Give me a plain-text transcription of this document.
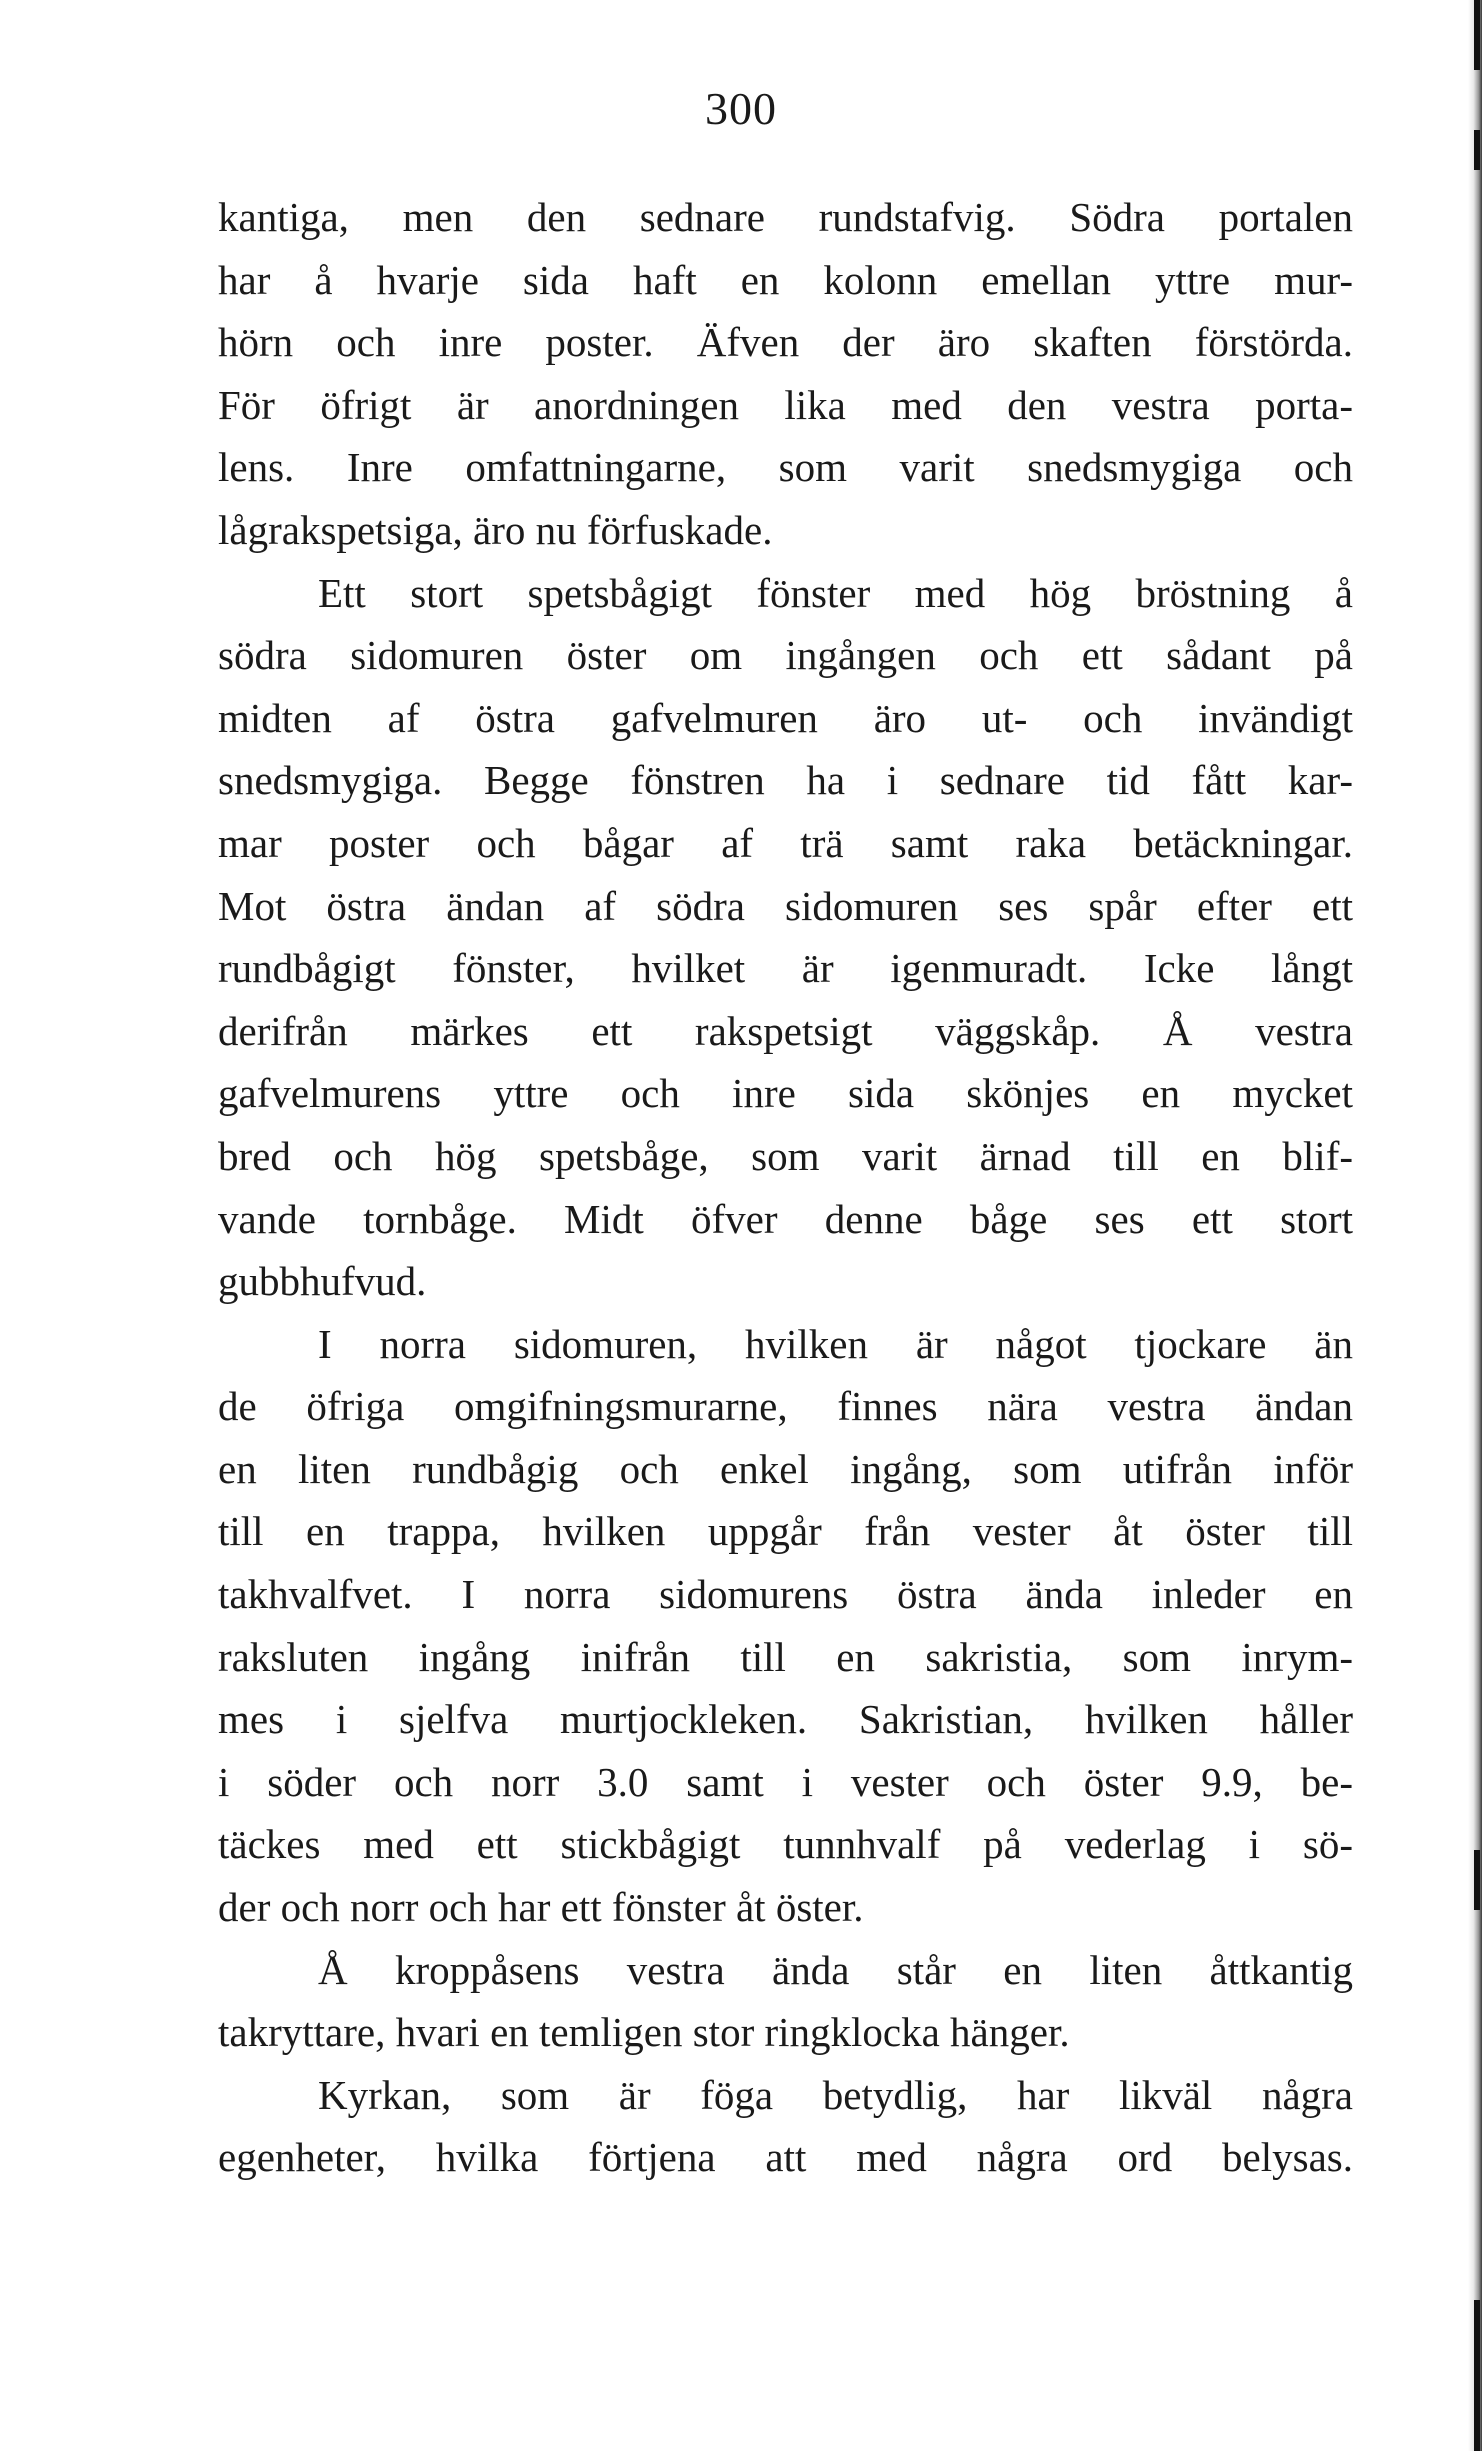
300
kantiga, men den sednare rundstafvig. Södra portalen
har å hvarje sida haft en kolonn emellan yttre mur-
hörn och inre poster. Äfven der äro skaften förstörda.
För öfrigt är anordningen lika med den vestra porta-
lens. Inre omfattningarne, som varit snedsmygiga och
lågrakspetsiga, äro nu förfuskade.
Ett stort spetsbågigt fönster med hög bröstning å
södra sidomuren öster om ingången och ett sådant på
midten af östra gafvelmuren äro ut- och invändigt
snedsmygiga. Begge fönstren ha i sednare tid fått kar-
mar poster och bågar af trä samt raka betäckningar.
Mot östra ändan af södra sidomuren ses spår efter ett
rundbågigt fönster, hvilket är igenmuradt. Icke långt
derifrån märkes ett rakspetsigt väggskåp. Å vestra
gafvelmurens yttre och inre sida skönjes en mycket
bred och hög spetsbåge, som varit ärnad till en blif-
vande tornbåge. Midt öfver denne båge ses ett stort
gubbhufvud.
I norra sidomuren, hvilken är något tjockare än
de öfriga omgifningsmurarne, finnes nära vestra ändan
en liten rundbågig och enkel ingång, som utifrån inför
till en trappa, hvilken uppgår från vester åt öster till
takhvalfvet. I norra sidomurens östra ända inleder en
raksluten ingång inifrån till en sakristia, som inrym-
mes i sjelfva murtjockleken. Sakristian, hvilken håller
i söder och norr 3.0 samt i vester och öster 9.9, be-
täckes med ett stickbågigt tunnhvalf på vederlag i sö-
der och norr och har ett fönster åt öster.
Å kroppåsens vestra ända står en liten åttkantig
takryttare, hvari en temligen stor ringklocka hänger.
Kyrkan, som är föga betydlig, har likväl några
egenheter, hvilka förtjena att med några ord belysas.
